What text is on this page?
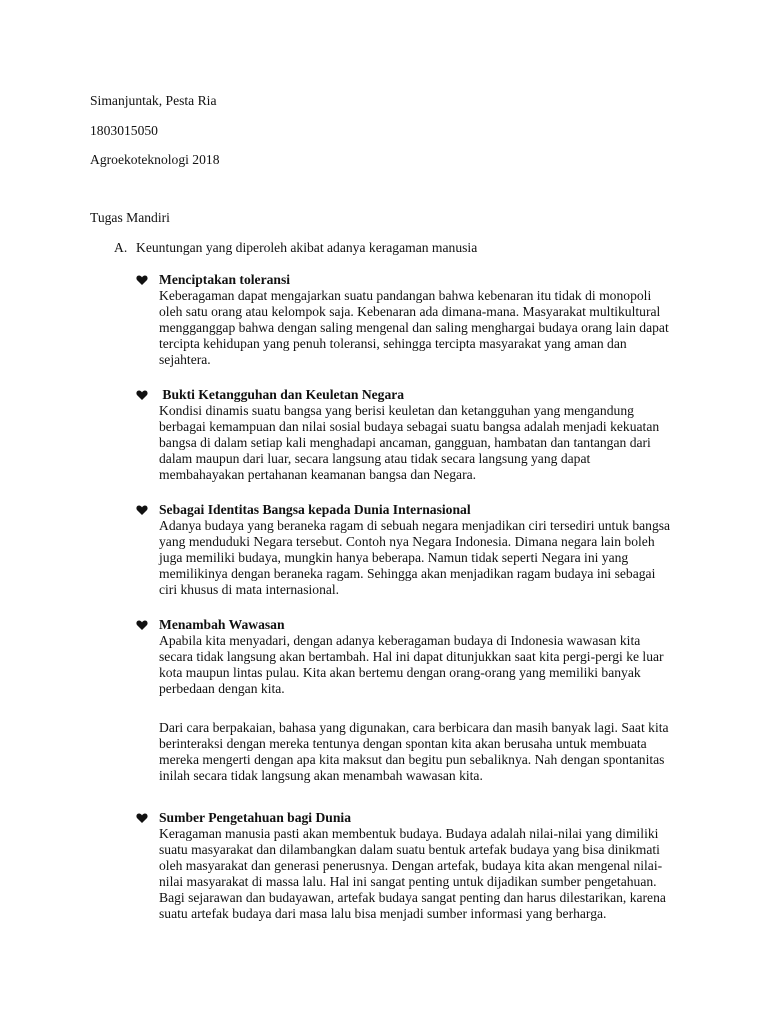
Simanjuntak, Pesta Ria
1803015050
Agroekoteknologi 2018
Tugas Mandiri
A. Keuntungan yang diperoleh akibat adanya keragaman manusia
Menciptakan toleransi
Keberagaman dapat mengajarkan suatu pandangan bahwa kebenaran itu tidak di monopoli
oleh satu orang atau kelompok saja. Kebenaran ada dimana-mana. Masyarakat multikultural
mengganggap bahwa dengan saling mengenal dan saling menghargai budaya orang lain dapat
tercipta kehidupan yang penuh toleransi, sehingga tercipta masyarakat yang aman dan
sejahtera.
Bukti Ketangguhan dan Keuletan Negara
Kondisi dinamis suatu bangsa yang berisi keuletan dan ketangguhan yang mengandung
berbagai kemampuan dan nilai sosial budaya sebagai suatu bangsa adalah menjadi kekuatan
bangsa di dalam setiap kali menghadapi ancaman, gangguan, hambatan dan tantangan dari
dalam maupun dari luar, secara langsung atau tidak secara langsung yang dapat
membahayakan pertahanan keamanan bangsa dan Negara.
Sebagai Identitas Bangsa kepada Dunia Internasional
Adanya budaya yang beraneka ragam di sebuah negara menjadikan ciri tersediri untuk bangsa
yang menduduki Negara tersebut. Contoh nya Negara Indonesia. Dimana negara lain boleh
juga memiliki budaya, mungkin hanya beberapa. Namun tidak seperti Negara ini yang
memilikinya dengan beraneka ragam. Sehingga akan menjadikan ragam budaya ini sebagai
ciri khusus di mata internasional.
Menambah Wawasan
Apabila kita menyadari, dengan adanya keberagaman budaya di Indonesia wawasan kita
secara tidak langsung akan bertambah. Hal ini dapat ditunjukkan saat kita pergi-pergi ke luar
kota maupun lintas pulau. Kita akan bertemu dengan orang-orang yang memiliki banyak
perbedaan dengan kita.
Dari cara berpakaian, bahasa yang digunakan, cara berbicara dan masih banyak lagi. Saat kita
berinteraksi dengan mereka tentunya dengan spontan kita akan berusaha untuk membuata
mereka mengerti dengan apa kita maksut dan begitu pun sebaliknya. Nah dengan spontanitas
inilah secara tidak langsung akan menambah wawasan kita.
Sumber Pengetahuan bagi Dunia
Keragaman manusia pasti akan membentuk budaya. Budaya adalah nilai-nilai yang dimiliki
suatu masyarakat dan dilambangkan dalam suatu bentuk artefak budaya yang bisa dinikmati
oleh masyarakat dan generasi penerusnya. Dengan artefak, budaya kita akan mengenal nilai-
nilai masyarakat di massa lalu. Hal ini sangat penting untuk dijadikan sumber pengetahuan.
Bagi sejarawan dan budayawan, artefak budaya sangat penting dan harus dilestarikan, karena
suatu artefak budaya dari masa lalu bisa menjadi sumber informasi yang berharga.
